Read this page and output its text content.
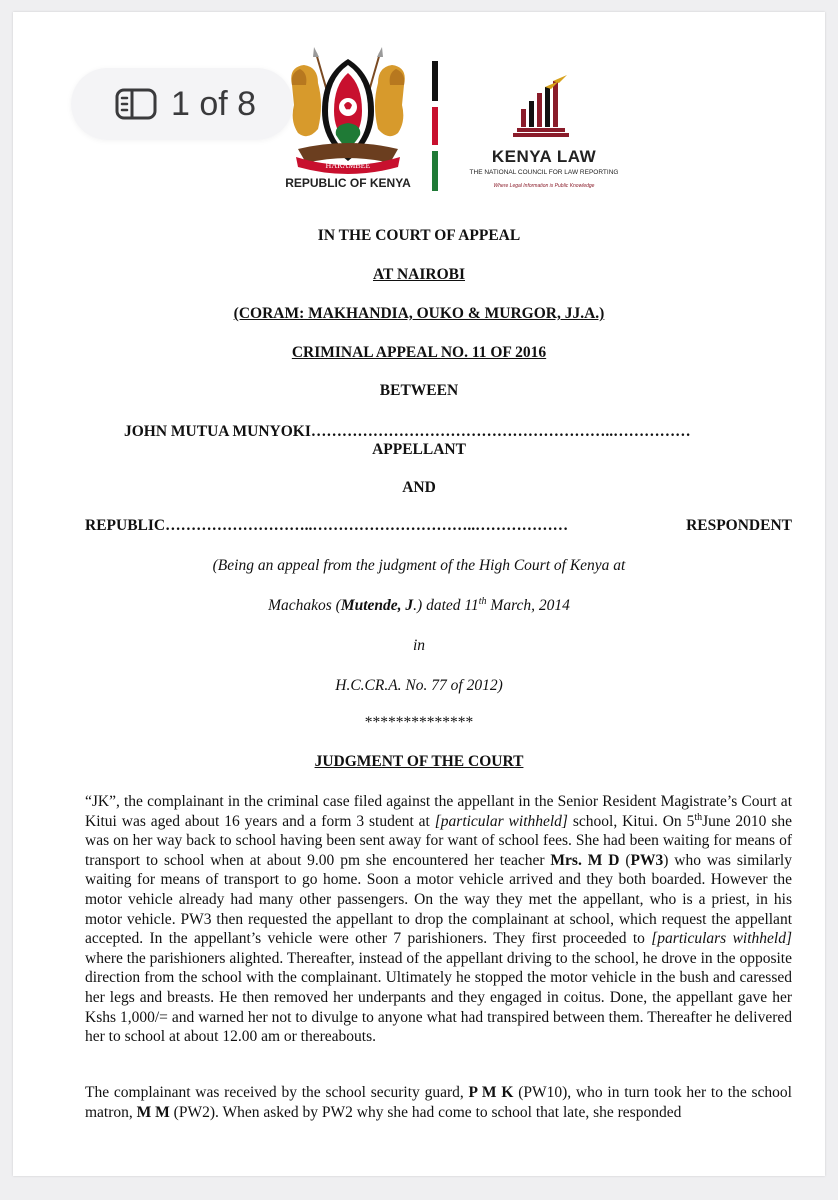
HARAMBEE
REPUBLIC OF KENYA
KENYA LAW
THE NATIONAL COUNCIL FOR LAW REPORTING
Where Legal Information is Public Knowledge
1 of 8
IN THE COURT OF APPEAL
AT NAIROBI
(CORAM: MAKHANDIA, OUKO & MURGOR, JJ.A.)
CRIMINAL APPEAL NO. 11 OF 2016
BETWEEN
JOHN MUTUA MUNYOKI…………………………………………………..……………
APPELLANT
AND
REPUBLIC………………………..…………………………..………………	RESPONDENT
(Being an appeal from the judgment of the High Court of Kenya at
Machakos (Mutende, J.) dated 11th March, 2014
in
H.C.CR.A. No. 77 of 2012)
**************
JUDGMENT OF THE COURT

“JK”, the complainant in the criminal case filed against the appellant in the Senior Resident Magistrate’s Court at Kitui was aged about 16 years and a form 3 student at [particular withheld] school, Kitui. On 5thJune 2010 she was on her way back to school having been sent away for want of school fees. She had been waiting for means of transport to school when at about 9.00 pm she encountered her teacher Mrs. M D (PW3) who was similarly waiting for means of transport to go home. Soon a motor vehicle arrived and they both boarded. However the motor vehicle already had many other passengers. On the way they met the appellant, who is a priest, in his motor vehicle. PW3 then requested the appellant to drop the complainant at school, which request the appellant accepted. In the appellant’s vehicle were other 7 parishioners. They first proceeded to [particulars withheld] where the parishioners alighted. Thereafter, instead of the appellant driving to the school, he drove in the opposite direction from the school with the complainant. Ultimately he stopped the motor vehicle in the bush and caressed her legs and breasts. He then removed her underpants and they engaged in coitus. Done, the appellant gave her Kshs 1,000/= and warned her not to divulge to anyone what had transpired between them. Thereafter he delivered her to school at about 12.00 am or thereabouts.

The complainant was received by the school security guard, P M K (PW10), who in turn took her to the school matron, M M (PW2). When asked by PW2 why she had come to school that late, she responded
